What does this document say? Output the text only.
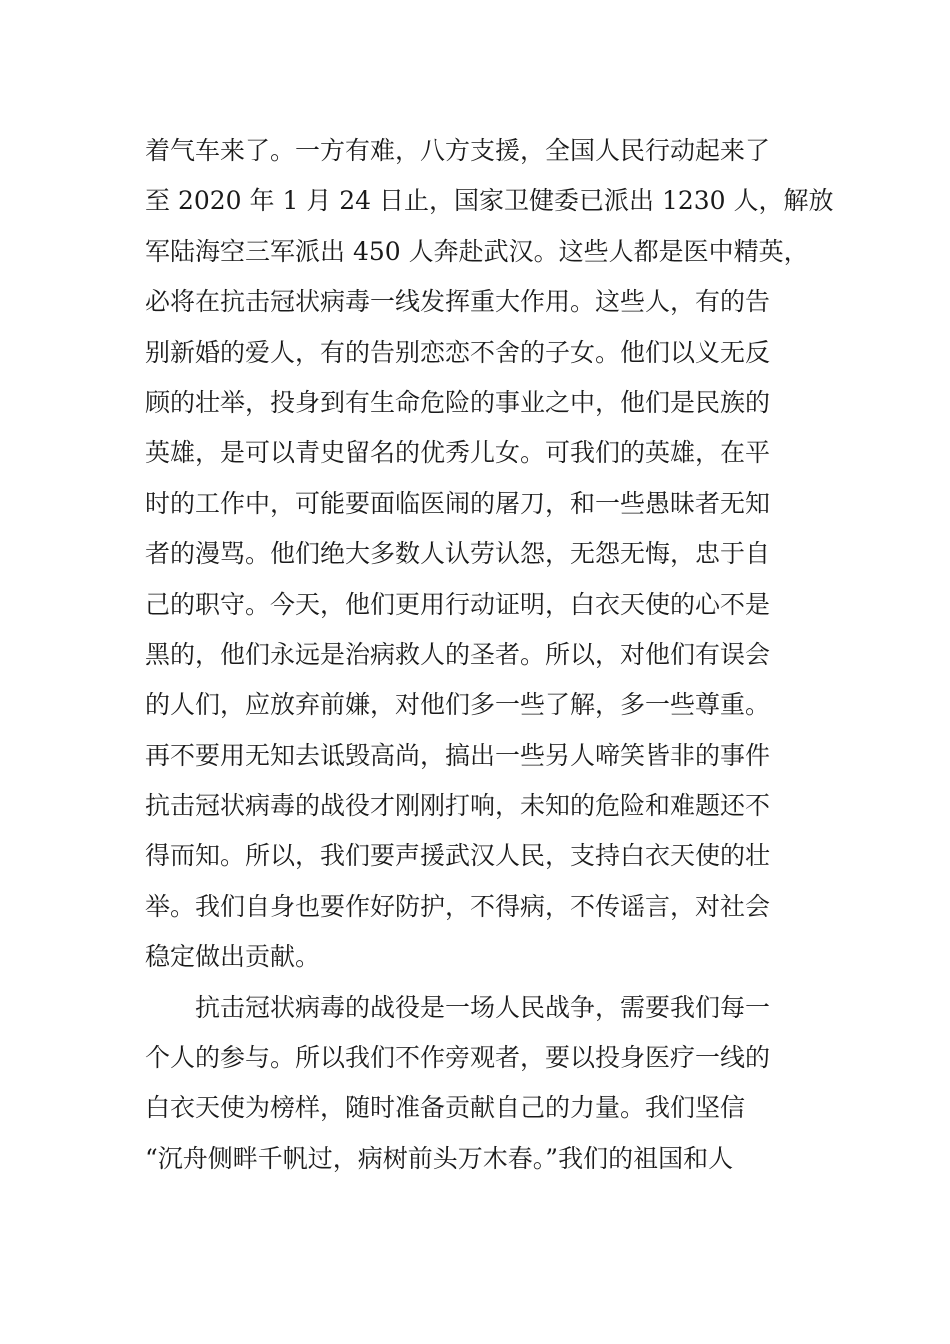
着气车来了。一方有难，八方支援，全国人民行动起来了
至 2020 年 1 月 24 日止，国家卫健委已派出 1230 人，解放
军陆海空三军派出 450 人奔赴武汉。这些人都是医中精英，
必将在抗击冠状病毒一线发挥重大作用。这些人，有的告
别新婚的爱人，有的告别恋恋不舍的子女。他们以义无反
顾的壮举，投身到有生命危险的事业之中，他们是民族的
英雄，是可以青史留名的优秀儿女。可我们的英雄，在平
时的工作中，可能要面临医闹的屠刀，和一些愚昧者无知
者的漫骂。他们绝大多数人认劳认怨，无怨无悔，忠于自
己的职守。今天，他们更用行动证明，白衣天使的心不是
黑的，他们永远是治病救人的圣者。所以，对他们有误会
的人们，应放弃前嫌，对他们多一些了解，多一些尊重。
再不要用无知去诋毁高尚，搞出一些另人啼笑皆非的事件
抗击冠状病毒的战役才刚刚打响，未知的危险和难题还不
得而知。所以，我们要声援武汉人民，支持白衣天使的壮
举。我们自身也要作好防护，不得病，不传谣言，对社会
稳定做出贡献。
抗击冠状病毒的战役是一场人民战争，需要我们每一
个人的参与。所以我们不作旁观者，要以投身医疗一线的
白衣天使为榜样，随时准备贡献自己的力量。我们坚信
“沉舟侧畔千帆过，病树前头万木春。”我们的祖国和人
